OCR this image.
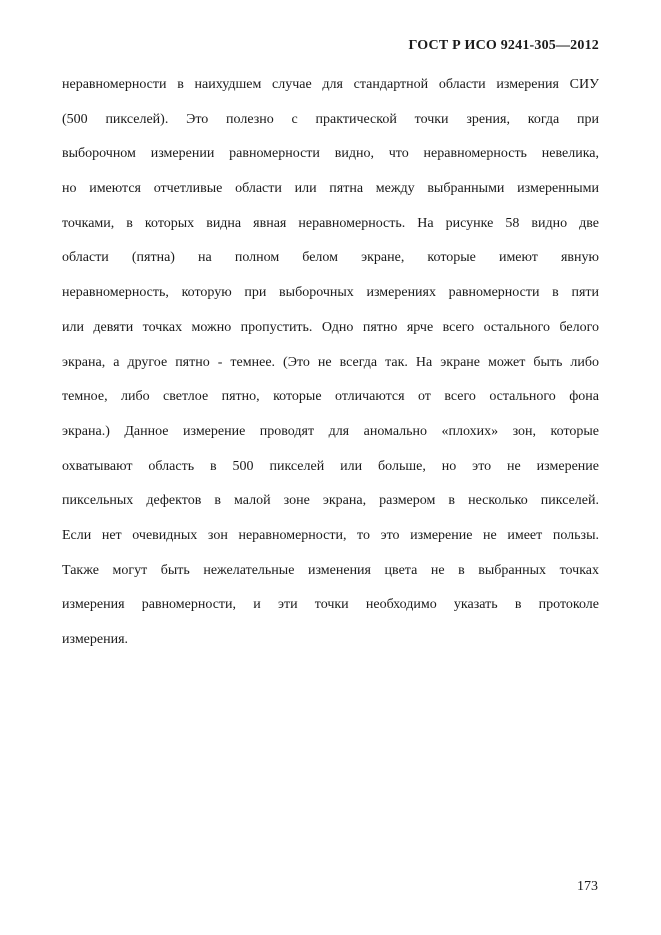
ГОСТ Р ИСО 9241-305—2012
неравномерности в наихудшем случае для стандартной области измерения СИУ
(500 пикселей). Это полезно с практической точки зрения, когда при
выборочном измерении равномерности видно, что неравномерность невелика,
но имеются отчетливые области или пятна между выбранными измеренными
точками, в которых видна явная неравномерность. На рисунке 58 видно две
области (пятна) на полном белом экране, которые имеют явную
неравномерность, которую при выборочных измерениях равномерности в пяти
или девяти точках можно пропустить. Одно пятно ярче всего остального белого
экрана, а другое пятно - темнее. (Это не всегда так. На экране может быть либо
темное, либо светлое пятно, которые отличаются от всего остального фона
экрана.) Данное измерение проводят для аномально «плохих» зон, которые
охватывают область в 500 пикселей или больше, но это не измерение
пиксельных дефектов в малой зоне экрана, размером в несколько пикселей.
Если нет очевидных зон неравномерности, то это измерение не имеет пользы.
Также могут быть нежелательные изменения цвета не в выбранных точках
измерения равномерности, и эти точки необходимо указать в протоколе
измерения.
173
